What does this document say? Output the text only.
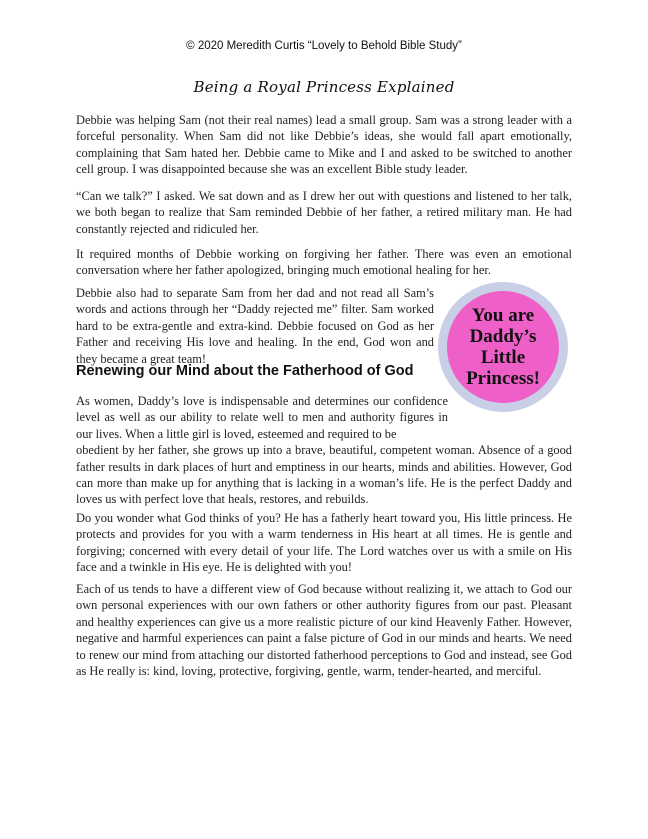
© 2020 Meredith Curtis “Lovely to Behold Bible Study”
Being a Royal Princess Explained

Debbie was helping Sam (not their real names) lead a small group. Sam was a strong leader with a forceful personality. When Sam did not like Debbie’s ideas, she would fall apart emotionally, complaining that Sam hated her. Debbie came to Mike and I and asked to be switched to another cell group. I was disappointed because she was an excellent Bible study leader.

“Can we talk?” I asked. We sat down and as I drew her out with questions and listened to her talk, we both began to realize that Sam reminded Debbie of her father, a retired military man. He had constantly rejected and ridiculed her.

It required months of Debbie working on forgiving her father. There was even an emotional conversation where her father apologized, bringing much emotional healing for her.

Debbie also had to separate Sam from her dad and not read all Sam’s words and actions through her “Daddy rejected me” filter. Sam worked hard to be extra-gentle and extra-kind. Debbie focused on God as her Father and receiving His love and healing. In the end, God won and they became a great team!

You are
Daddy’s
Little
Princess!
Renewing our Mind about the Fatherhood of God
As women, Daddy’s love is indispensable and determines our confidence level as well as our ability to relate well to men and authority figures in our lives. When a little girl is loved, esteemed and required to be
obedient by her father, she grows up into a brave, beautiful, competent woman. Absence of a good father results in dark places of hurt and emptiness in our hearts, minds and abilities. However, God can more than make up for anything that is lacking in a woman’s life. He is the perfect Daddy and loves us with perfect love that heals, restores, and rebuilds.

Do you wonder what God thinks of you? He has a fatherly heart toward you, His little princess. He protects and provides for you with a warm tenderness in His heart at all times. He is gentle and forgiving; concerned with every detail of your life. The Lord watches over us with a smile on His face and a twinkle in His eye. He is delighted with you!

Each of us tends to have a different view of God because without realizing it, we attach to God our own personal experiences with our own fathers or other authority figures from our past. Pleasant and healthy experiences can give us a more realistic picture of our kind Heavenly Father. However, negative and harmful experiences can paint a false picture of God in our minds and hearts. We need to renew our mind from attaching our distorted fatherhood perceptions to God and instead, see God as He really is: kind, loving, protective, forgiving, gentle, warm, tender-hearted, and merciful.
